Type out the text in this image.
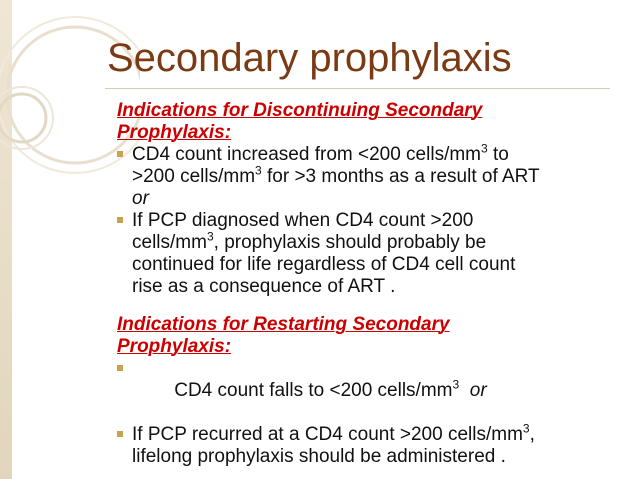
Secondary prophylaxis
Indications for Discontinuing Secondary
Prophylaxis:
CD4 count increased from <200 cells/$mm^3$ to
>200 cells/$mm^3$ for >3 months as a result of ART
or
If PCP diagnosed when CD4 count >200
cells/$mm^3$, prophylaxis should probably be
continued for life regardless of CD4 cell count
rise as a consequence of ART .
Indications for Restarting Secondary
Prophylaxis:

CD4 count falls to <200 cells/$mm^3$ or

If PCP recurred at a CD4 count >200 cells/$mm^3$,
lifelong prophylaxis should be administered .
